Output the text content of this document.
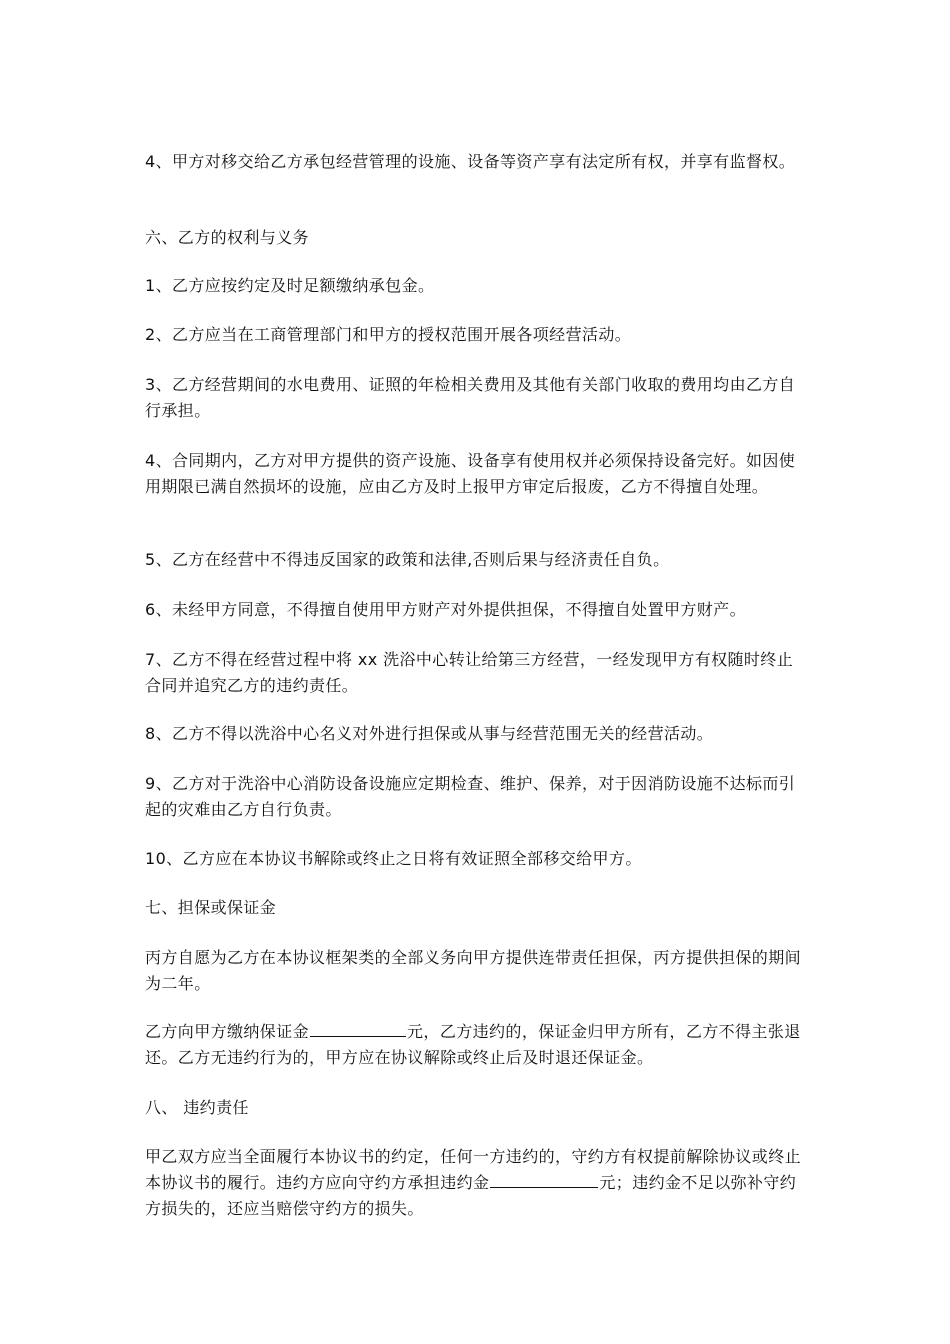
4、甲方对移交给乙方承包经营管理的设施、设备等资产享有法定所有权，并享有监督权。

六、乙方的权利与义务

1、乙方应按约定及时足额缴纳承包金。

2、乙方应当在工商管理部门和甲方的授权范围开展各项经营活动。

3、乙方经营期间的水电费用、证照的年检相关费用及其他有关部门收取的费用均由乙方自行承担。

4、合同期内，乙方对甲方提供的资产设施、设备享有使用权并必须保持设备完好。如因使用期限已满自然损坏的设施，应由乙方及时上报甲方审定后报废，乙方不得擅自处理。

5、乙方在经营中不得违反国家的政策和法律,否则后果与经济责任自负。

6、未经甲方同意，不得擅自使用甲方财产对外提供担保，不得擅自处置甲方财产。

7、乙方不得在经营过程中将 xx 洗浴中心转让给第三方经营，一经发现甲方有权随时终止合同并追究乙方的违约责任。

8、乙方不得以洗浴中心名义对外进行担保或从事与经营范围无关的经营活动。

9、乙方对于洗浴中心消防设备设施应定期检查、维护、保养，对于因消防设施不达标而引起的灾难由乙方自行负责。

10、乙方应在本协议书解除或终止之日将有效证照全部移交给甲方。

七、担保或保证金

丙方自愿为乙方在本协议框架类的全部义务向甲方提供连带责任担保，丙方提供担保的期间为二年。

乙方向甲方缴纳保证金	元，乙方违约的，保证金归甲方所有，乙方不得主张退还。乙方无违约行为的，甲方应在协议解除或终止后及时退还保证金。

八、 违约责任

甲乙双方应当全面履行本协议书的约定，任何一方违约的，守约方有权提前解除协议或终止本协议书的履行。违约方应向守约方承担违约金	元；违约金不足以弥补守约方损失的，还应当赔偿守约方的损失。
